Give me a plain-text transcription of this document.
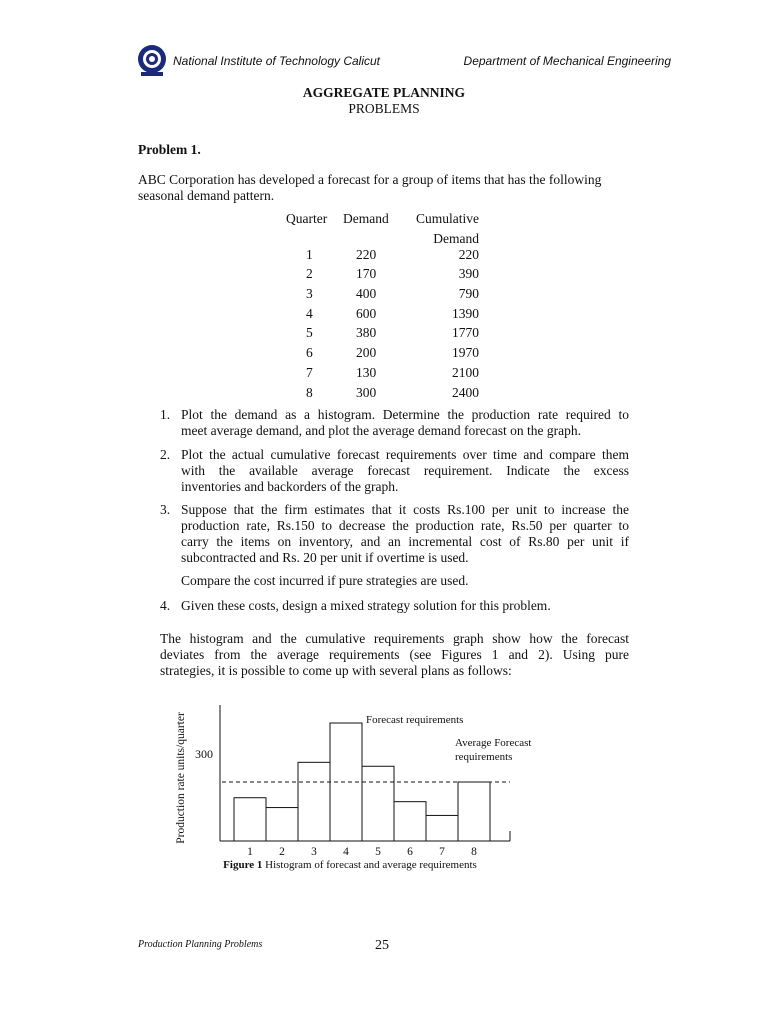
National Institute of Technology Calicut	Department of Mechanical Engineering
AGGREGATE PLANNING
PROBLEMS
Problem 1.
ABC Corporation has developed a forecast for a group of items that has the following
seasonal demand pattern.
Quarter	Demand	Cumulative
		Demand
1	220	220
2	170	390
3	400	790
4	600	1390
5	380	1770
6	200	1970
7	130	2100
8	300	2400
1. Plot the demand as a histogram. Determine the production rate required to
meet average demand, and plot the average demand forecast on the graph.
2. Plot the actual cumulative forecast requirements over time and compare them
with the available average forecast requirement. Indicate the excess
inventories and backorders of the graph.
3. Suppose that the firm estimates that it costs Rs.100 per unit to increase the
production rate, Rs.150 to decrease the production rate, Rs.50 per quarter to
carry the items on inventory, and an incremental cost of Rs.80 per unit if
subcontracted and Rs. 20 per unit if overtime is used.
Compare the cost incurred if pure strategies are used.
4. Given these costs, design a mixed strategy solution for this problem.
The histogram and the cumulative requirements graph show how the forecast
deviates from the average requirements (see Figures 1 and 2). Using pure
strategies, it is possible to come up with several plans as follows:
Production rate units/quarter 300
1 2 3 4 5 6 7 8
Forecast requirements
Average Forecast
requirements
Figure 1 Histogram of forecast and average requirements
Production Planning Problems	25
